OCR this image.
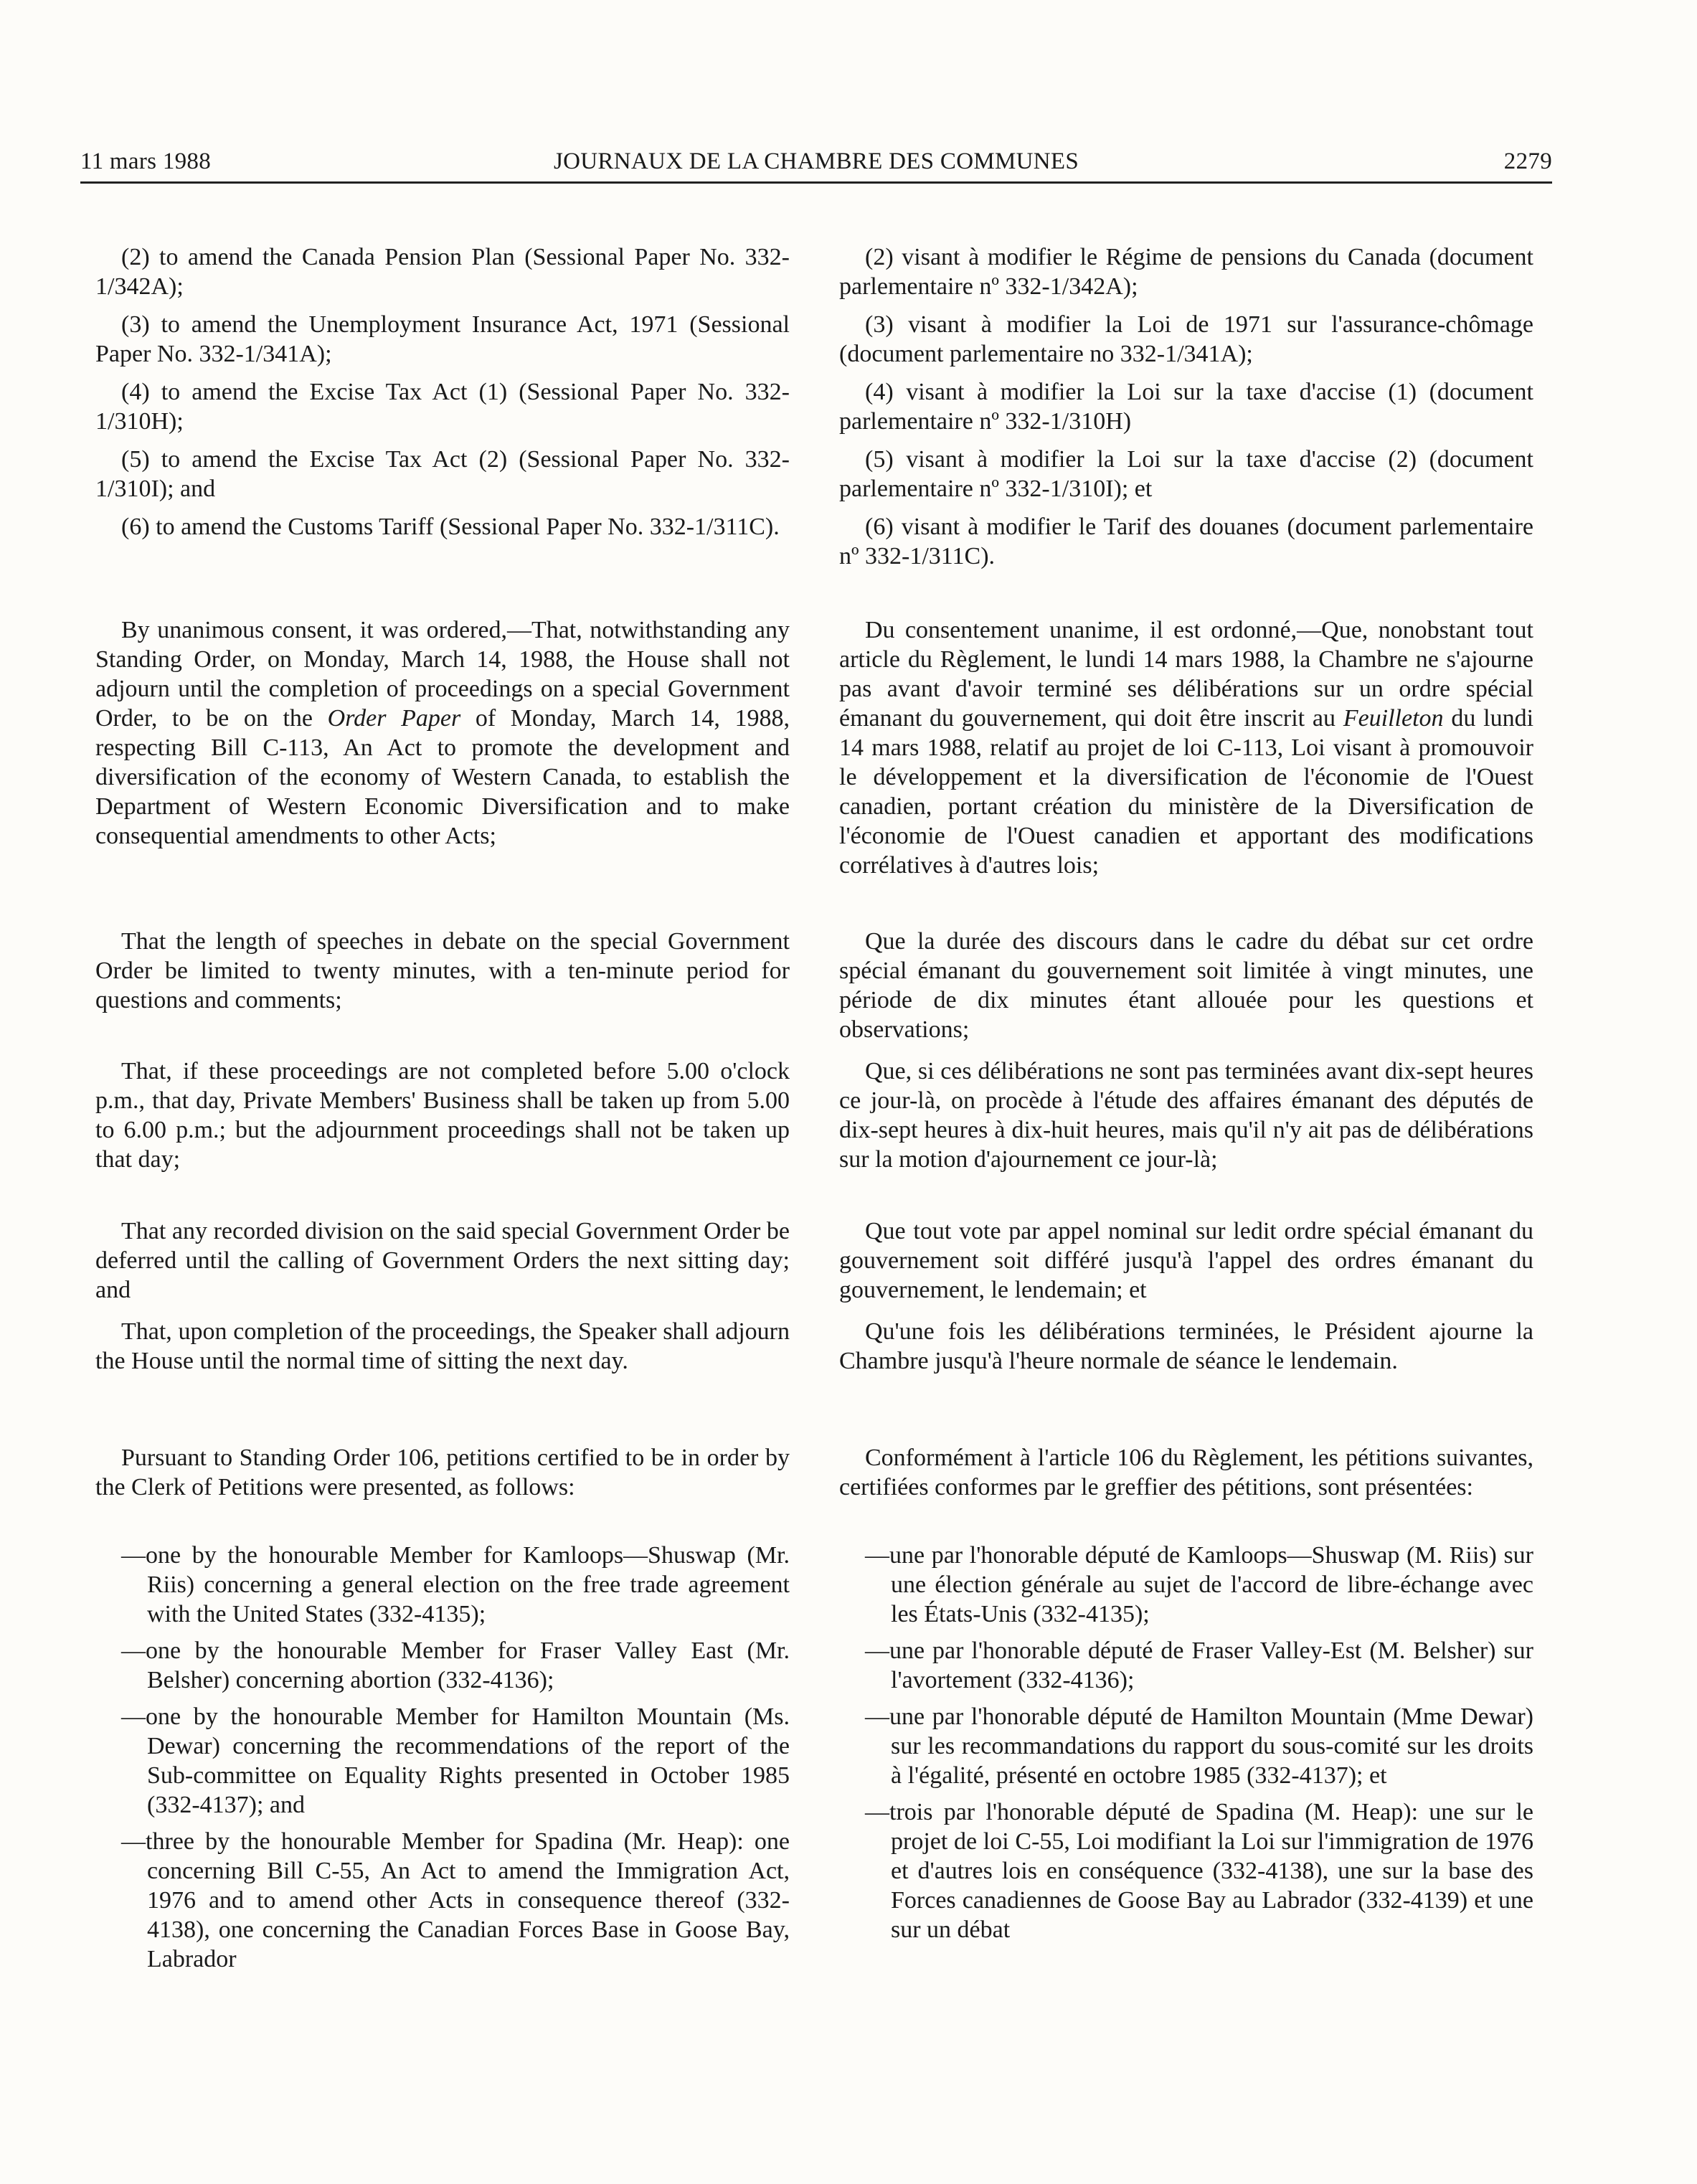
11 mars 1988	JOURNAUX DE LA CHAMBRE DES COMMUNES	2279

(2) to amend the Canada Pension Plan (Sessional Paper No. 332-1/342A);

(3) to amend the Unemployment Insurance Act, 1971 (Sessional Paper No. 332-1/341A);

(4) to amend the Excise Tax Act (1) (Sessional Paper No. 332-1/310H);

(5) to amend the Excise Tax Act (2) (Sessional Paper No. 332-1/310I); and

(6) to amend the Customs Tariff (Sessional Paper No. 332-1/311C).

By unanimous consent, it was ordered,—That, notwithstanding any Standing Order, on Monday, March 14, 1988, the House shall not adjourn until the completion of proceedings on a special Government Order, to be on the Order Paper of Monday, March 14, 1988, respecting Bill C-113, An Act to promote the development and diversification of the economy of Western Canada, to establish the Department of Western Economic Diversification and to make consequential amendments to other Acts;

That the length of speeches in debate on the special Government Order be limited to twenty minutes, with a ten-minute period for questions and comments;

That, if these proceedings are not completed before 5.00 o'clock p.m., that day, Private Members' Business shall be taken up from 5.00 to 6.00 p.m.; but the adjournment proceedings shall not be taken up that day;

That any recorded division on the said special Government Order be deferred until the calling of Government Orders the next sitting day; and

That, upon completion of the proceedings, the Speaker shall adjourn the House until the normal time of sitting the next day.

Pursuant to Standing Order 106, petitions certified to be in order by the Clerk of Petitions were presented, as follows:

—one by the honourable Member for Kamloops—Shuswap (Mr. Riis) concerning a general election on the free trade agreement with the United States (332-4135);

—one by the honourable Member for Fraser Valley East (Mr. Belsher) concerning abortion (332-4136);

—one by the honourable Member for Hamilton Mountain (Ms. Dewar) concerning the recommendations of the report of the Sub-committee on Equality Rights presented in October 1985 (332-4137); and

—three by the honourable Member for Spadina (Mr. Heap): one concerning Bill C-55, An Act to amend the Immigration Act, 1976 and to amend other Acts in consequence thereof (332-4138), one concerning the Canadian Forces Base in Goose Bay, Labrador

(2) visant à modifier le Régime de pensions du Canada (document parlementaire nº 332-1/342A);

(3) visant à modifier la Loi de 1971 sur l'assurance-chômage (document parlementaire no 332-1/341A);

(4) visant à modifier la Loi sur la taxe d'accise (1) (document parlementaire nº 332-1/310H)

(5) visant à modifier la Loi sur la taxe d'accise (2) (document parlementaire nº 332-1/310I); et

(6) visant à modifier le Tarif des douanes (document parlementaire nº 332-1/311C).

Du consentement unanime, il est ordonné,—Que, nonobstant tout article du Règlement, le lundi 14 mars 1988, la Chambre ne s'ajourne pas avant d'avoir terminé ses délibérations sur un ordre spécial émanant du gouvernement, qui doit être inscrit au Feuilleton du lundi 14 mars 1988, relatif au projet de loi C-113, Loi visant à promouvoir le développement et la diversification de l'économie de l'Ouest canadien, portant création du ministère de la Diversification de l'économie de l'Ouest canadien et apportant des modifications corrélatives à d'autres lois;

Que la durée des discours dans le cadre du débat sur cet ordre spécial émanant du gouvernement soit limitée à vingt minutes, une période de dix minutes étant allouée pour les questions et observations;

Que, si ces délibérations ne sont pas terminées avant dix-sept heures ce jour-là, on procède à l'étude des affaires émanant des députés de dix-sept heures à dix-huit heures, mais qu'il n'y ait pas de délibérations sur la motion d'ajournement ce jour-là;

Que tout vote par appel nominal sur ledit ordre spécial émanant du gouvernement soit différé jusqu'à l'appel des ordres émanant du gouvernement, le lendemain; et

Qu'une fois les délibérations terminées, le Président ajourne la Chambre jusqu'à l'heure normale de séance le lendemain.

Conformément à l'article 106 du Règlement, les pétitions suivantes, certifiées conformes par le greffier des pétitions, sont présentées:

—une par l'honorable député de Kamloops—Shuswap (M. Riis) sur une élection générale au sujet de l'accord de libre-échange avec les États-Unis (332-4135);

—une par l'honorable député de Fraser Valley-Est (M. Belsher) sur l'avortement (332-4136);

—une par l'honorable député de Hamilton Mountain (Mme Dewar) sur les recommandations du rapport du sous-comité sur les droits à l'égalité, présenté en octobre 1985 (332-4137); et

—trois par l'honorable député de Spadina (M. Heap): une sur le projet de loi C-55, Loi modifiant la Loi sur l'immigration de 1976 et d'autres lois en conséquence (332-4138), une sur la base des Forces canadiennes de Goose Bay au Labrador (332-4139) et une sur un débat
